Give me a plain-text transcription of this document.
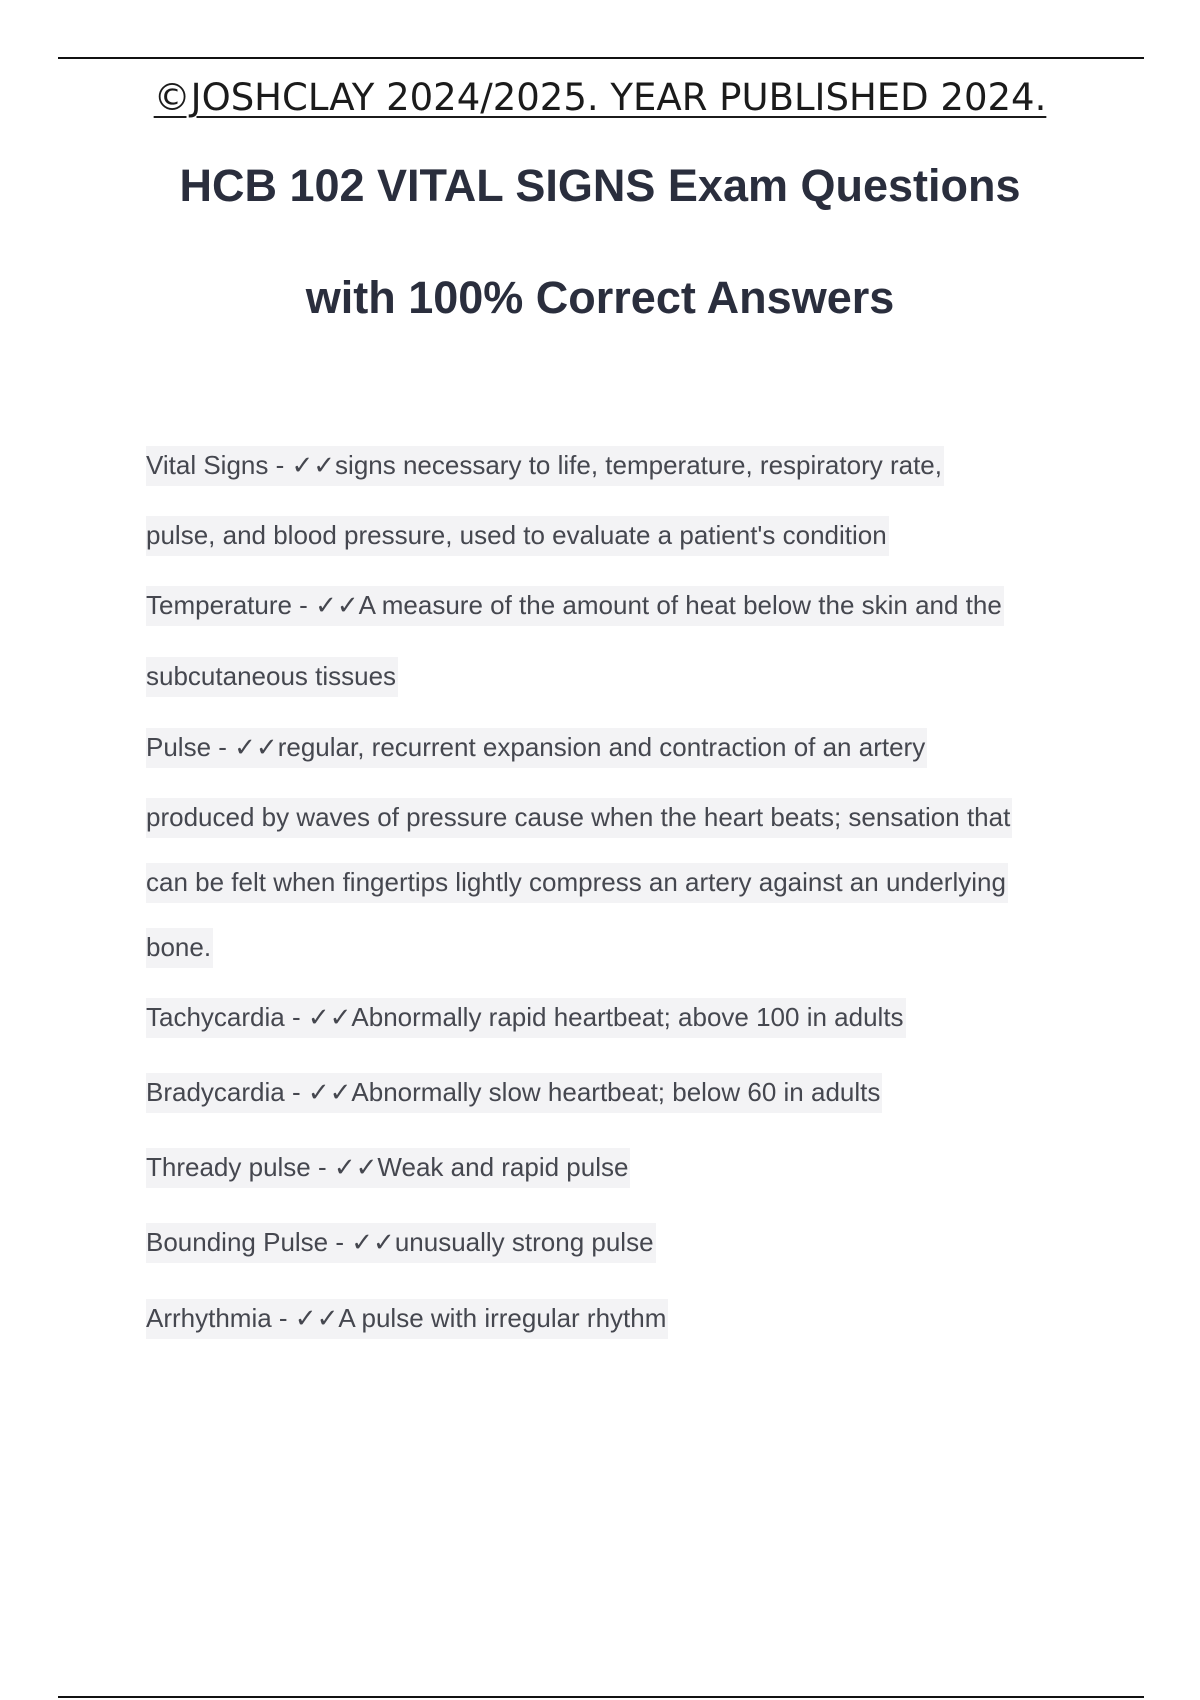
©JOSHCLAY 2024/2025. YEAR PUBLISHED 2024.
HCB 102 VITAL SIGNS Exam Questions
with 100% Correct Answers
Vital Signs - ✓✓signs necessary to life, temperature, respiratory rate,
pulse, and blood pressure, used to evaluate a patient's condition
Temperature - ✓✓A measure of the amount of heat below the skin and the
subcutaneous tissues
Pulse - ✓✓regular, recurrent expansion and contraction of an artery
produced by waves of pressure cause when the heart beats; sensation that
can be felt when fingertips lightly compress an artery against an underlying
bone.
Tachycardia - ✓✓Abnormally rapid heartbeat; above 100 in adults
Bradycardia - ✓✓Abnormally slow heartbeat; below 60 in adults
Thready pulse - ✓✓Weak and rapid pulse
Bounding Pulse - ✓✓unusually strong pulse
Arrhythmia - ✓✓A pulse with irregular rhythm
